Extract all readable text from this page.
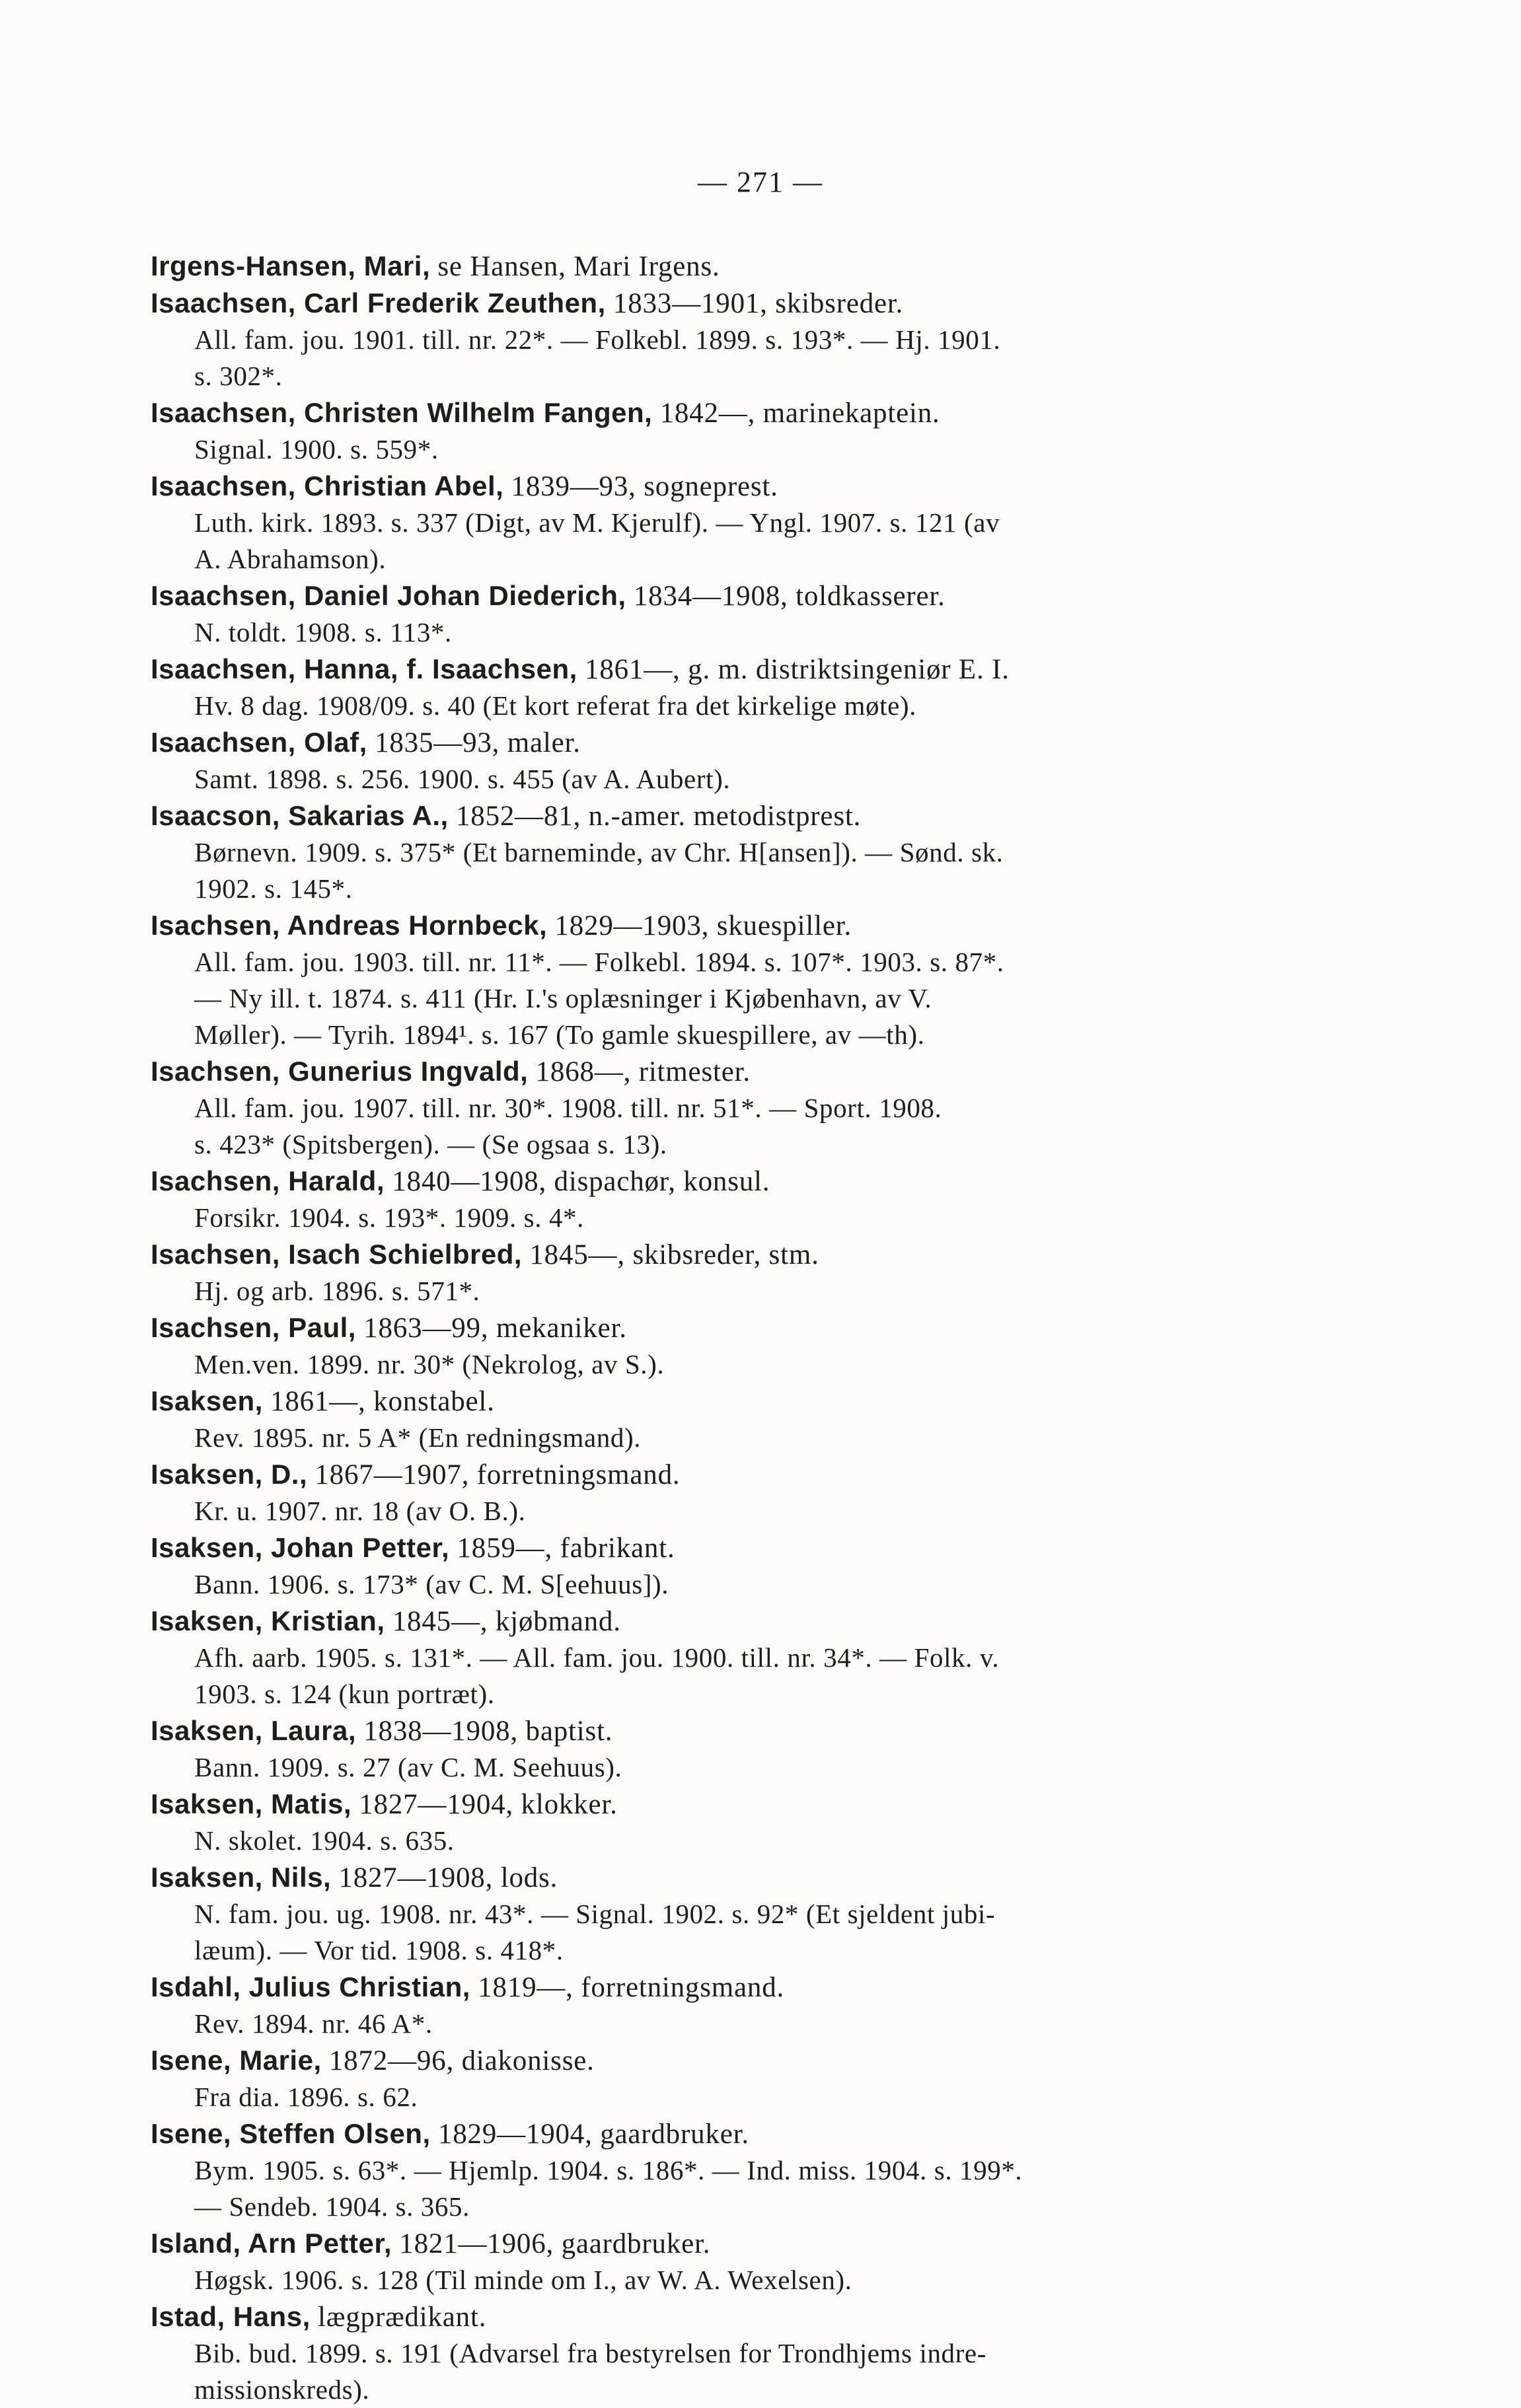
— 271 —
Irgens-Hansen, Mari, se Hansen, Mari Irgens.
Isaachsen, Carl Frederik Zeuthen, 1833—1901, skibsreder.
All. fam. jou. 1901. till. nr. 22*. — Folkebl. 1899. s. 193*. — Hj. 1901.
s. 302*.
Isaachsen, Christen Wilhelm Fangen, 1842—, marinekaptein.
Signal. 1900. s. 559*.
Isaachsen, Christian Abel, 1839—93, sogneprest.
Luth. kirk. 1893. s. 337 (Digt, av M. Kjerulf). — Yngl. 1907. s. 121 (av
A. Abrahamson).
Isaachsen, Daniel Johan Diederich, 1834—1908, toldkasserer.
N. toldt. 1908. s. 113*.
Isaachsen, Hanna, f. Isaachsen, 1861—, g. m. distriktsingeniør E. I.
Hv. 8 dag. 1908/09. s. 40 (Et kort referat fra det kirkelige møte).
Isaachsen, Olaf, 1835—93, maler.
Samt. 1898. s. 256. 1900. s. 455 (av A. Aubert).
Isaacson, Sakarias A., 1852—81, n.-amer. metodistprest.
Børnevn. 1909. s. 375* (Et barneminde, av Chr. H[ansen]). — Sønd. sk.
1902. s. 145*.
Isachsen, Andreas Hornbeck, 1829—1903, skuespiller.
All. fam. jou. 1903. till. nr. 11*. — Folkebl. 1894. s. 107*. 1903. s. 87*.
— Ny ill. t. 1874. s. 411 (Hr. I.'s oplæsninger i Kjøbenhavn, av V.
Møller). — Tyrih. 1894¹. s. 167 (To gamle skuespillere, av —th).
Isachsen, Gunerius Ingvald, 1868—, ritmester.
All. fam. jou. 1907. till. nr. 30*. 1908. till. nr. 51*. — Sport. 1908.
s. 423* (Spitsbergen). — (Se ogsaa s. 13).
Isachsen, Harald, 1840—1908, dispachør, konsul.
Forsikr. 1904. s. 193*. 1909. s. 4*.
Isachsen, Isach Schielbred, 1845—, skibsreder, stm.
Hj. og arb. 1896. s. 571*.
Isachsen, Paul, 1863—99, mekaniker.
Men.ven. 1899. nr. 30* (Nekrolog, av S.).
Isaksen, 1861—, konstabel.
Rev. 1895. nr. 5 A* (En redningsmand).
Isaksen, D., 1867—1907, forretningsmand.
Kr. u. 1907. nr. 18 (av O. B.).
Isaksen, Johan Petter, 1859—, fabrikant.
Bann. 1906. s. 173* (av C. M. S[eehuus]).
Isaksen, Kristian, 1845—, kjøbmand.
Afh. aarb. 1905. s. 131*. — All. fam. jou. 1900. till. nr. 34*. — Folk. v.
1903. s. 124 (kun portræt).
Isaksen, Laura, 1838—1908, baptist.
Bann. 1909. s. 27 (av C. M. Seehuus).
Isaksen, Matis, 1827—1904, klokker.
N. skolet. 1904. s. 635.
Isaksen, Nils, 1827—1908, lods.
N. fam. jou. ug. 1908. nr. 43*. — Signal. 1902. s. 92* (Et sjeldent jubi-
læum). — Vor tid. 1908. s. 418*.
Isdahl, Julius Christian, 1819—, forretningsmand.
Rev. 1894. nr. 46 A*.
Isene, Marie, 1872—96, diakonisse.
Fra dia. 1896. s. 62.
Isene, Steffen Olsen, 1829—1904, gaardbruker.
Bym. 1905. s. 63*. — Hjemlp. 1904. s. 186*. — Ind. miss. 1904. s. 199*.
— Sendeb. 1904. s. 365.
Island, Arn Petter, 1821—1906, gaardbruker.
Høgsk. 1906. s. 128 (Til minde om I., av W. A. Wexelsen).
Istad, Hans, lægprædikant.
Bib. bud. 1899. s. 191 (Advarsel fra bestyrelsen for Trondhjems indre-
missionskreds).
